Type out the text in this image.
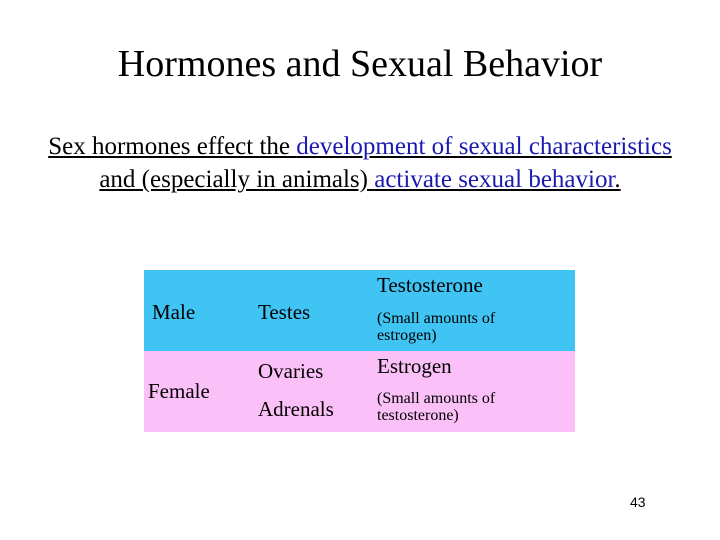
Hormones and Sexual Behavior
Sex hormones effect the development of sexual characteristics and (especially in animals) activate sexual behavior.
Male	Testes
Testosterone
(Small amounts of
estrogen)
Female
Ovaries
Adrenals
Estrogen
(Small amounts of
testosterone)
43
